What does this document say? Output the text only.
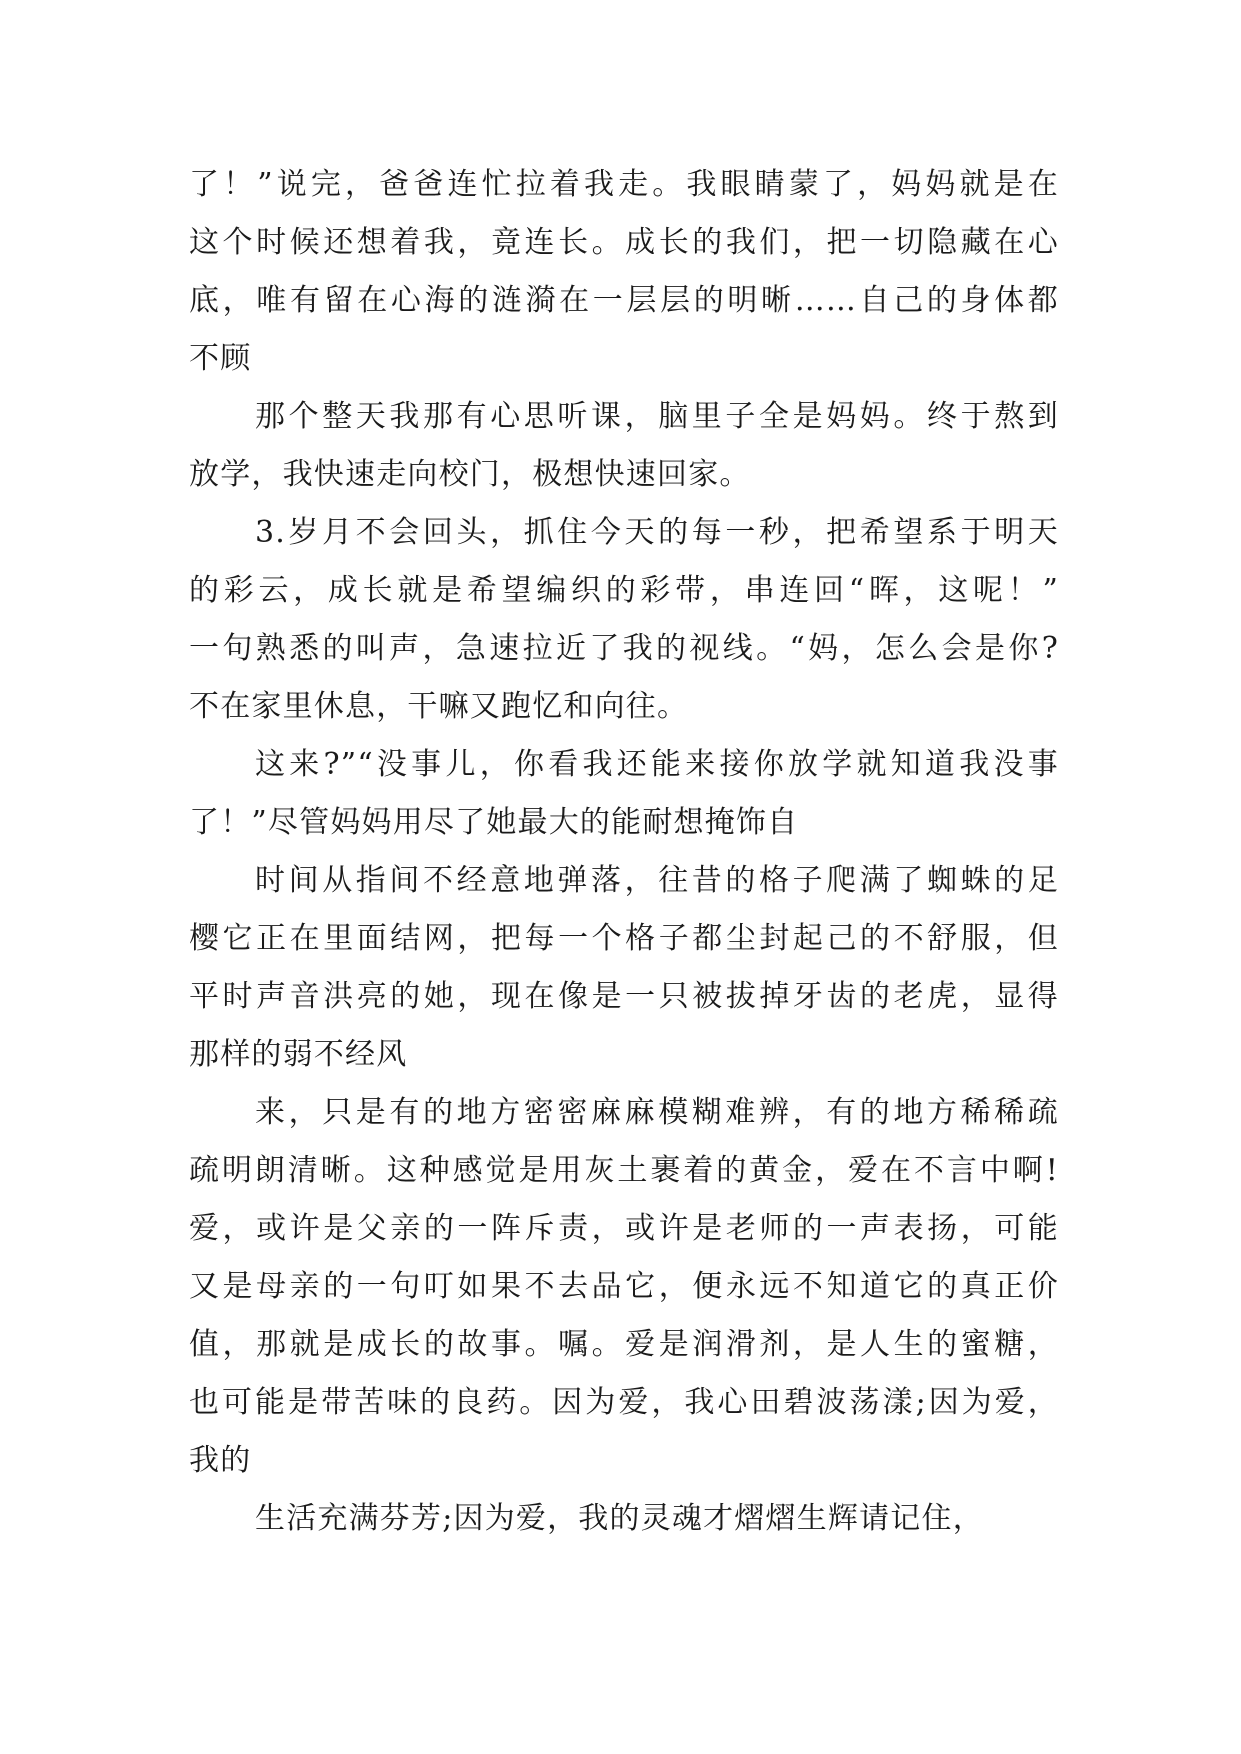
了！”说完，爸爸连忙拉着我走。我眼睛蒙了，妈妈就是在
这个时候还想着我，竟连长。成长的我们，把一切隐藏在心
底，唯有留在心海的涟漪在一层层的明晰……自己的身体都
不顾
那个整天我那有心思听课，脑里子全是妈妈。终于熬到
放学，我快速走向校门，极想快速回家。
3.岁月不会回头，抓住今天的每一秒，把希望系于明天
的彩云，成长就是希望编织的彩带，串连回“晖，这呢！”
一句熟悉的叫声，急速拉近了我的视线。“妈，怎么会是你?
不在家里休息，干嘛又跑忆和向往。
这来?”“没事儿，你看我还能来接你放学就知道我没事
了！”尽管妈妈用尽了她最大的能耐想掩饰自
时间从指间不经意地弹落，往昔的格子爬满了蜘蛛的足
樱它正在里面结网，把每一个格子都尘封起己的不舒服，但
平时声音洪亮的她，现在像是一只被拔掉牙齿的老虎，显得
那样的弱不经风
来，只是有的地方密密麻麻模糊难辨，有的地方稀稀疏
疏明朗清晰。这种感觉是用灰土裹着的黄金，爱在不言中啊!
爱，或许是父亲的一阵斥责，或许是老师的一声表扬，可能
又是母亲的一句叮如果不去品它，便永远不知道它的真正价
值，那就是成长的故事。嘱。爱是润滑剂，是人生的蜜糖，
也可能是带苦味的良药。因为爱，我心田碧波荡漾;因为爱，
我的
生活充满芬芳;因为爱，我的灵魂才熠熠生辉请记住，
